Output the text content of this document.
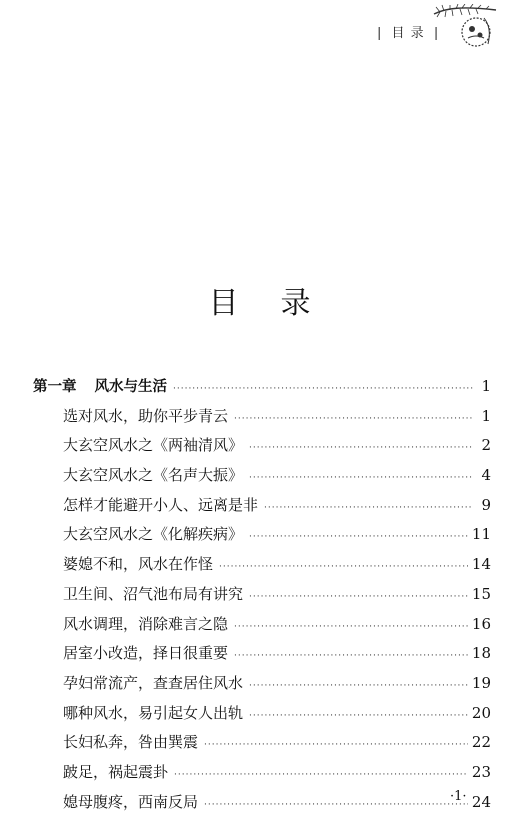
| 目 录 |
目　录
第一章 风水与生活 ·····	1
选对风水，助你平步青云 ·····	1
大玄空风水之《两袖清风》 ·····	2
大玄空风水之《名声大振》 ·····	4
怎样才能避开小人、远离是非 ·····	9
大玄空风水之《化解疾病》 ·····	11
婆媳不和，风水在作怪 ·····	14
卫生间、沼气池布局有讲究 ·····	15
风水调理，消除难言之隐 ·····	16
居室小改造，择日很重要 ·····	18
孕妇常流产，查查居住风水 ·····	19
哪种风水，易引起女人出轨 ·····	20
长妇私奔，咎由巽震 ·····	22
跛足，祸起震卦 ·····	23
媳母腹疼，西南反局 ·····	24
·1·
